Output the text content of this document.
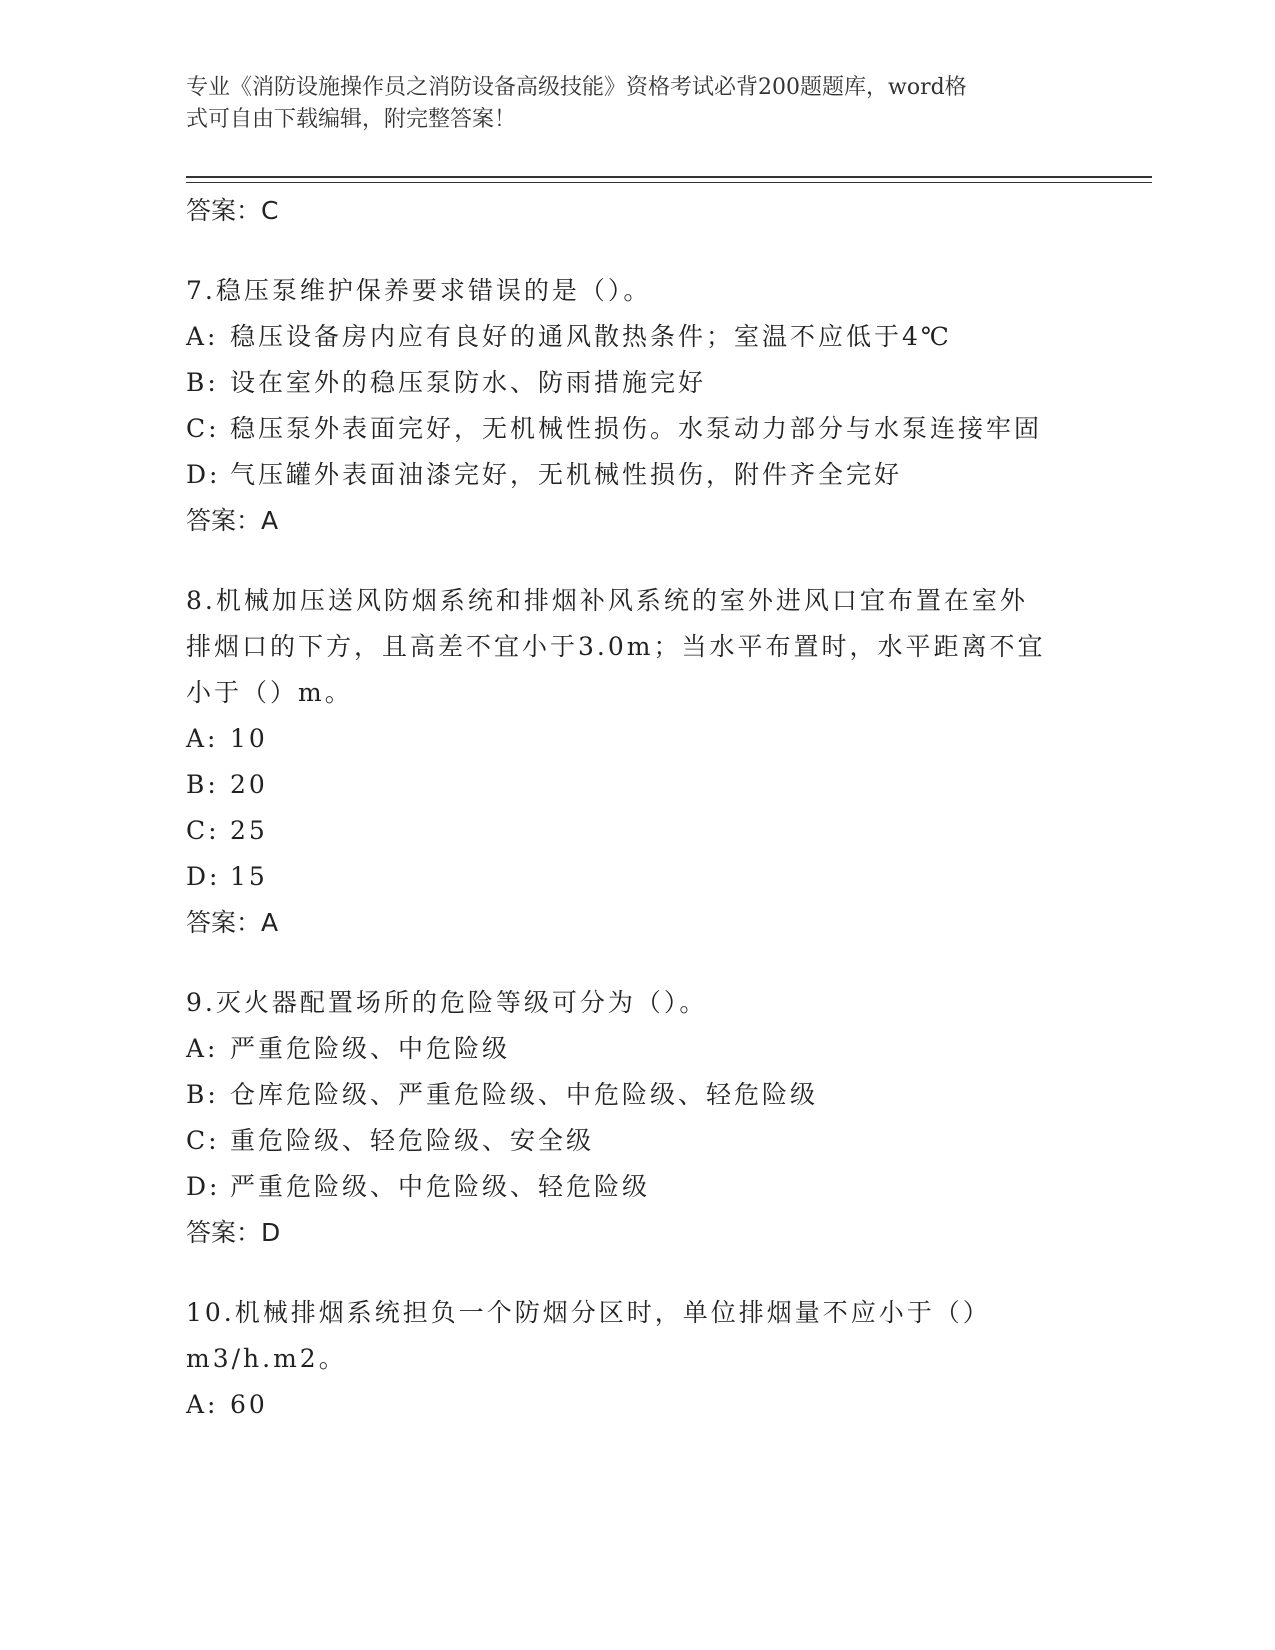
专业《消防设施操作员之消防设备高级技能》资格考试必背200题题库，word格
式可自由下载编辑，附完整答案！
答案：C
7.稳压泵维护保养要求错误的是（）。
A: 稳压设备房内应有良好的通风散热条件；室温不应低于4℃
B: 设在室外的稳压泵防水、防雨措施完好
C: 稳压泵外表面完好，无机械性损伤。水泵动力部分与水泵连接牢固
D: 气压罐外表面油漆完好，无机械性损伤，附件齐全完好
答案：A
8.机械加压送风防烟系统和排烟补风系统的室外进风口宜布置在室外
排烟口的下方，且高差不宜小于3.0m；当水平布置时，水平距离不宜
小于（）m。
A: 10
B: 20
C: 25
D: 15
答案：A
9.灭火器配置场所的危险等级可分为（）。
A: 严重危险级、中危险级
B: 仓库危险级、严重危险级、中危险级、轻危险级
C: 重危险级、轻危险级、安全级
D: 严重危险级、中危险级、轻危险级
答案：D
10.机械排烟系统担负一个防烟分区时，单位排烟量不应小于（）
m3/h.m2。
A: 60
